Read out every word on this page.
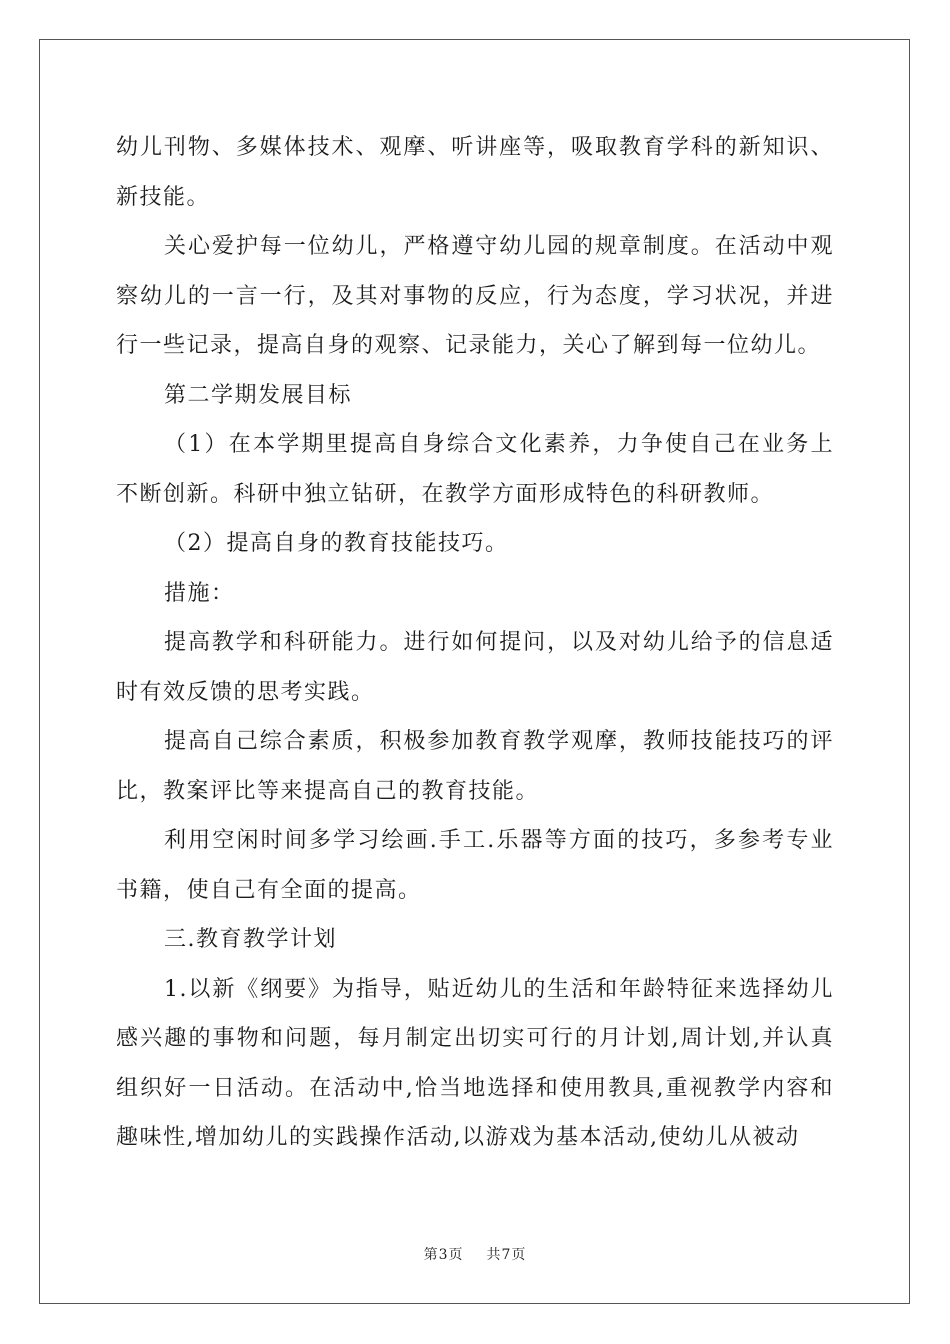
幼儿刊物、多媒体技术、观摩、听讲座等，吸取教育学科的新知识、新技能。

关心爱护每一位幼儿，严格遵守幼儿园的规章制度。在活动中观察幼儿的一言一行，及其对事物的反应，行为态度，学习状况，并进行一些记录，提高自身的观察、记录能力，关心了解到每一位幼儿。

第二学期发展目标

（1）在本学期里提高自身综合文化素养，力争使自己在业务上不断创新。科研中独立钻研，在教学方面形成特色的科研教师。

（2）提高自身的教育技能技巧。

措施：

提高教学和科研能力。进行如何提问，以及对幼儿给予的信息适时有效反馈的思考实践。

提高自己综合素质，积极参加教育教学观摩，教师技能技巧的评比，教案评比等来提高自己的教育技能。

利用空闲时间多学习绘画.手工.乐器等方面的技巧，多参考专业书籍，使自己有全面的提高。

三.教育教学计划

1.以新《纲要》为指导，贴近幼儿的生活和年龄特征来选择幼儿感兴趣的事物和问题，每月制定出切实可行的月计划,周计划,并认真组织好一日活动。在活动中,恰当地选择和使用教具,重视教学内容和趣味性,增加幼儿的实践操作活动,以游戏为基本活动,使幼儿从被动

第3页 共7页
